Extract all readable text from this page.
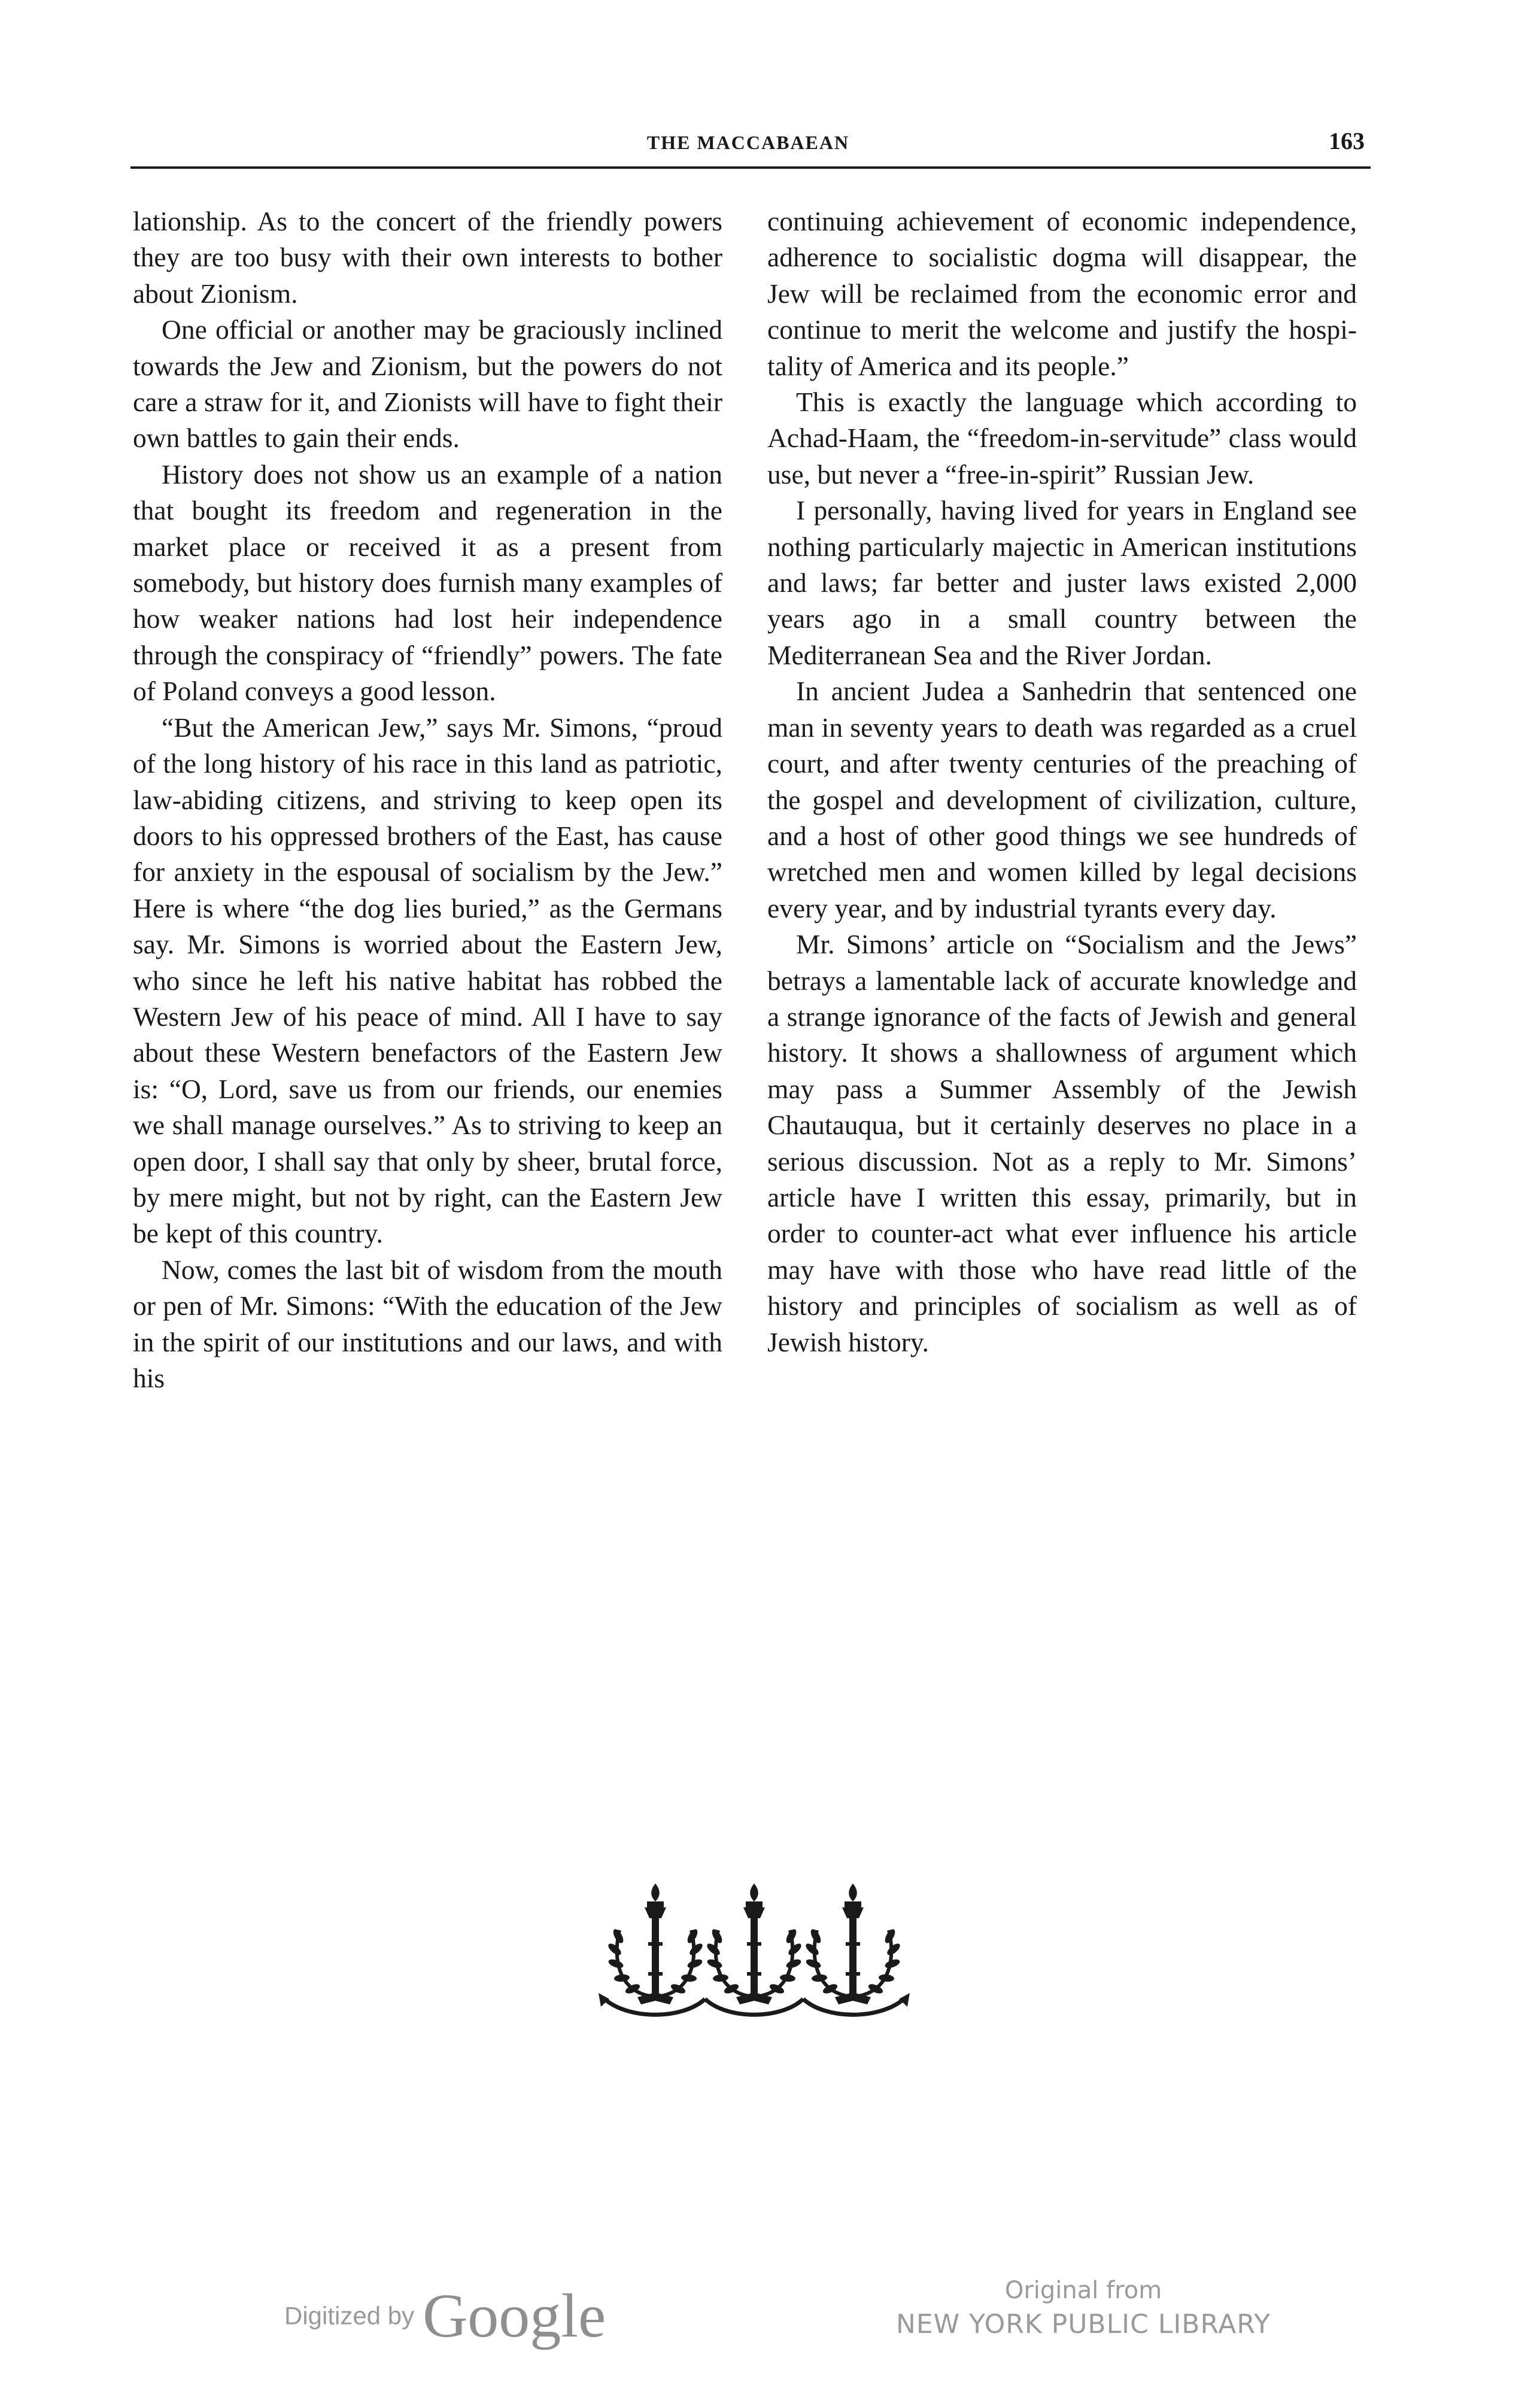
THE MACCABAEAN	163

lationship. As to the concert of the friendly powers they are too busy with their own interests to bother about Zionism.

One official or another may be graciously inclined towards the Jew and Zionism, but the powers do not care a straw for it, and Zionists will have to fight their own battles to gain their ends.

History does not show us an example of a nation that bought its freedom and regeneration in the market place or received it as a present from somebody, but history does furnish many examples of how weaker nations had lost heir independence through the conspiracy of “friendly” powers. The fate of Poland conveys a good lesson.

“But the American Jew,” says Mr. Simons, “proud of the long history of his race in this land as patriotic, law-abiding citizens, and striving to keep open its doors to his oppressed brothers of the East, has cause for anxiety in the espousal of socialism by the Jew.” Here is where “the dog lies buried,” as the Germans say. Mr. Simons is worried about the Eastern Jew, who since he left his native habitat has robbed the Western Jew of his peace of mind. All I have to say about these Western benefactors of the Eastern Jew is: “O, Lord, save us from our friends, our enemies we shall manage ourselves.” As to striving to keep an open door, I shall say that only by sheer, brutal force, by mere might, but not by right, can the Eastern Jew be kept of this country.

Now, comes the last bit of wisdom from the mouth or pen of Mr. Simons: “With the education of the Jew in the spirit of our institutions and our laws, and with his

continuing achievement of economic independence, adherence to socialistic dogma will disappear, the Jew will be reclaimed from the economic error and continue to merit the welcome and justify the hospitality of America and its people.”

This is exactly the language which according to Achad-Haam, the “freedom-in-servitude” class would use, but never a “free-in-spirit” Russian Jew.

I personally, having lived for years in England see nothing particularly majectic in American institutions and laws; far better and juster laws existed 2,000 years ago in a small country between the Mediterranean Sea and the River Jordan.

In ancient Judea a Sanhedrin that sentenced one man in seventy years to death was regarded as a cruel court, and after twenty centuries of the preaching of the gospel and development of civilization, culture, and a host of other good things we see hundreds of wretched men and women killed by legal decisions every year, and by industrial tyrants every day.

Mr. Simons’ article on “Socialism and the Jews” betrays a lamentable lack of accurate knowledge and a strange ignorance of the facts of Jewish and general history. It shows a shallowness of argument which may pass a Summer Assembly of the Jewish Chautauqua, but it certainly deserves no place in a serious discussion. Not as a reply to Mr. Simons’ article have I written this essay, primarily, but in order to counter-act what ever influence his article may have with those who have read little of the history and principles of socialism as well as of Jewish history.

Digitized by Google	Original from
NEW YORK PUBLIC LIBRARY
